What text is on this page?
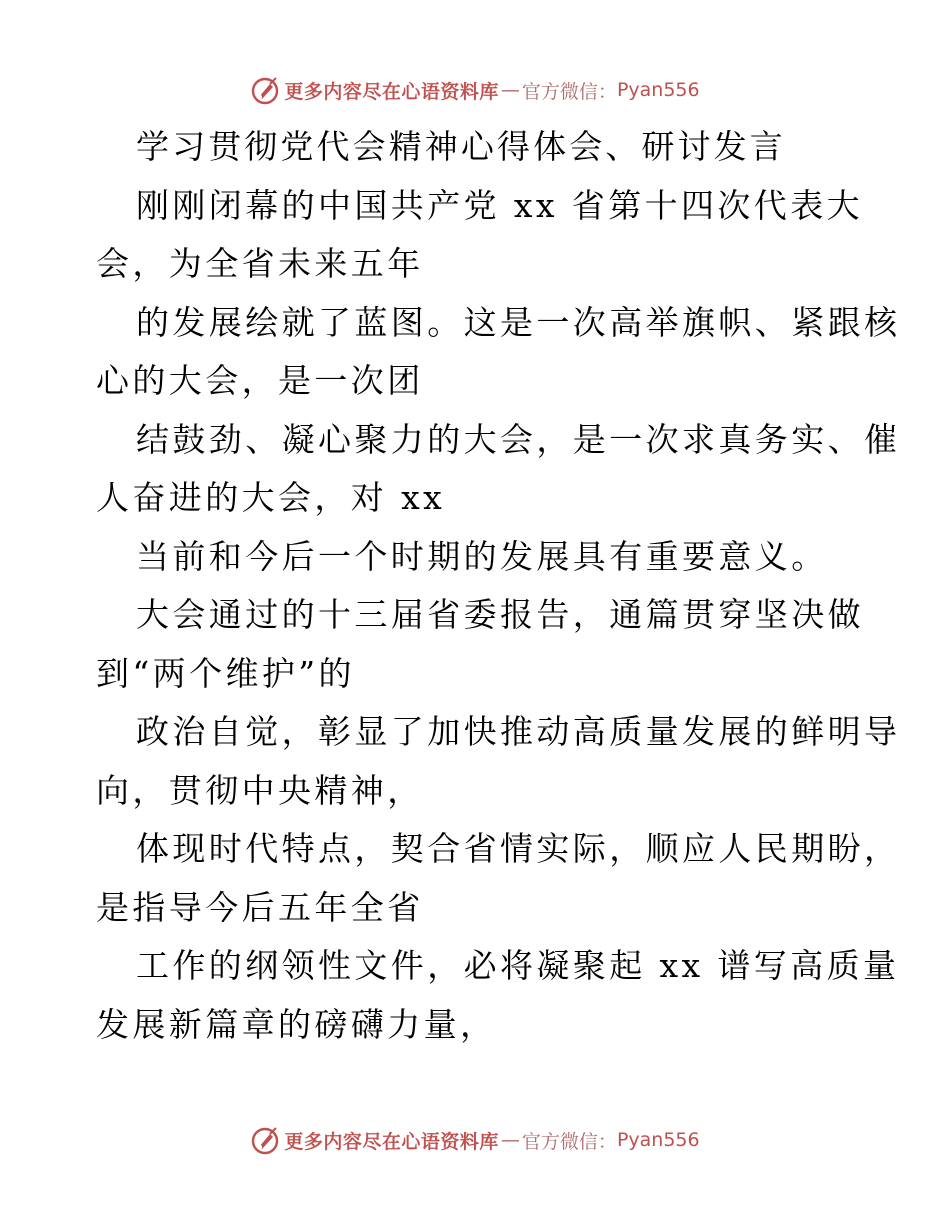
更多内容尽在心语资料库 — 官方微信： Pyan556
学习贯彻党代会精神心得体会、研讨发言
刚刚闭幕的中国共产党 xx 省第十四次代表大
会，为全省未来五年
的发展绘就了蓝图。这是一次高举旗帜、紧跟核
心的大会，是一次团
结鼓劲、凝心聚力的大会，是一次求真务实、催
人奋进的大会，对 xx
当前和今后一个时期的发展具有重要意义。
大会通过的十三届省委报告，通篇贯穿坚决做
到“两个维护”的
政治自觉，彰显了加快推动高质量发展的鲜明导
向，贯彻中央精神，
体现时代特点，契合省情实际，顺应人民期盼，
是指导今后五年全省
工作的纲领性文件，必将凝聚起 xx 谱写高质量
发展新篇章的磅礴力量，
更多内容尽在心语资料库 — 官方微信： Pyan556
